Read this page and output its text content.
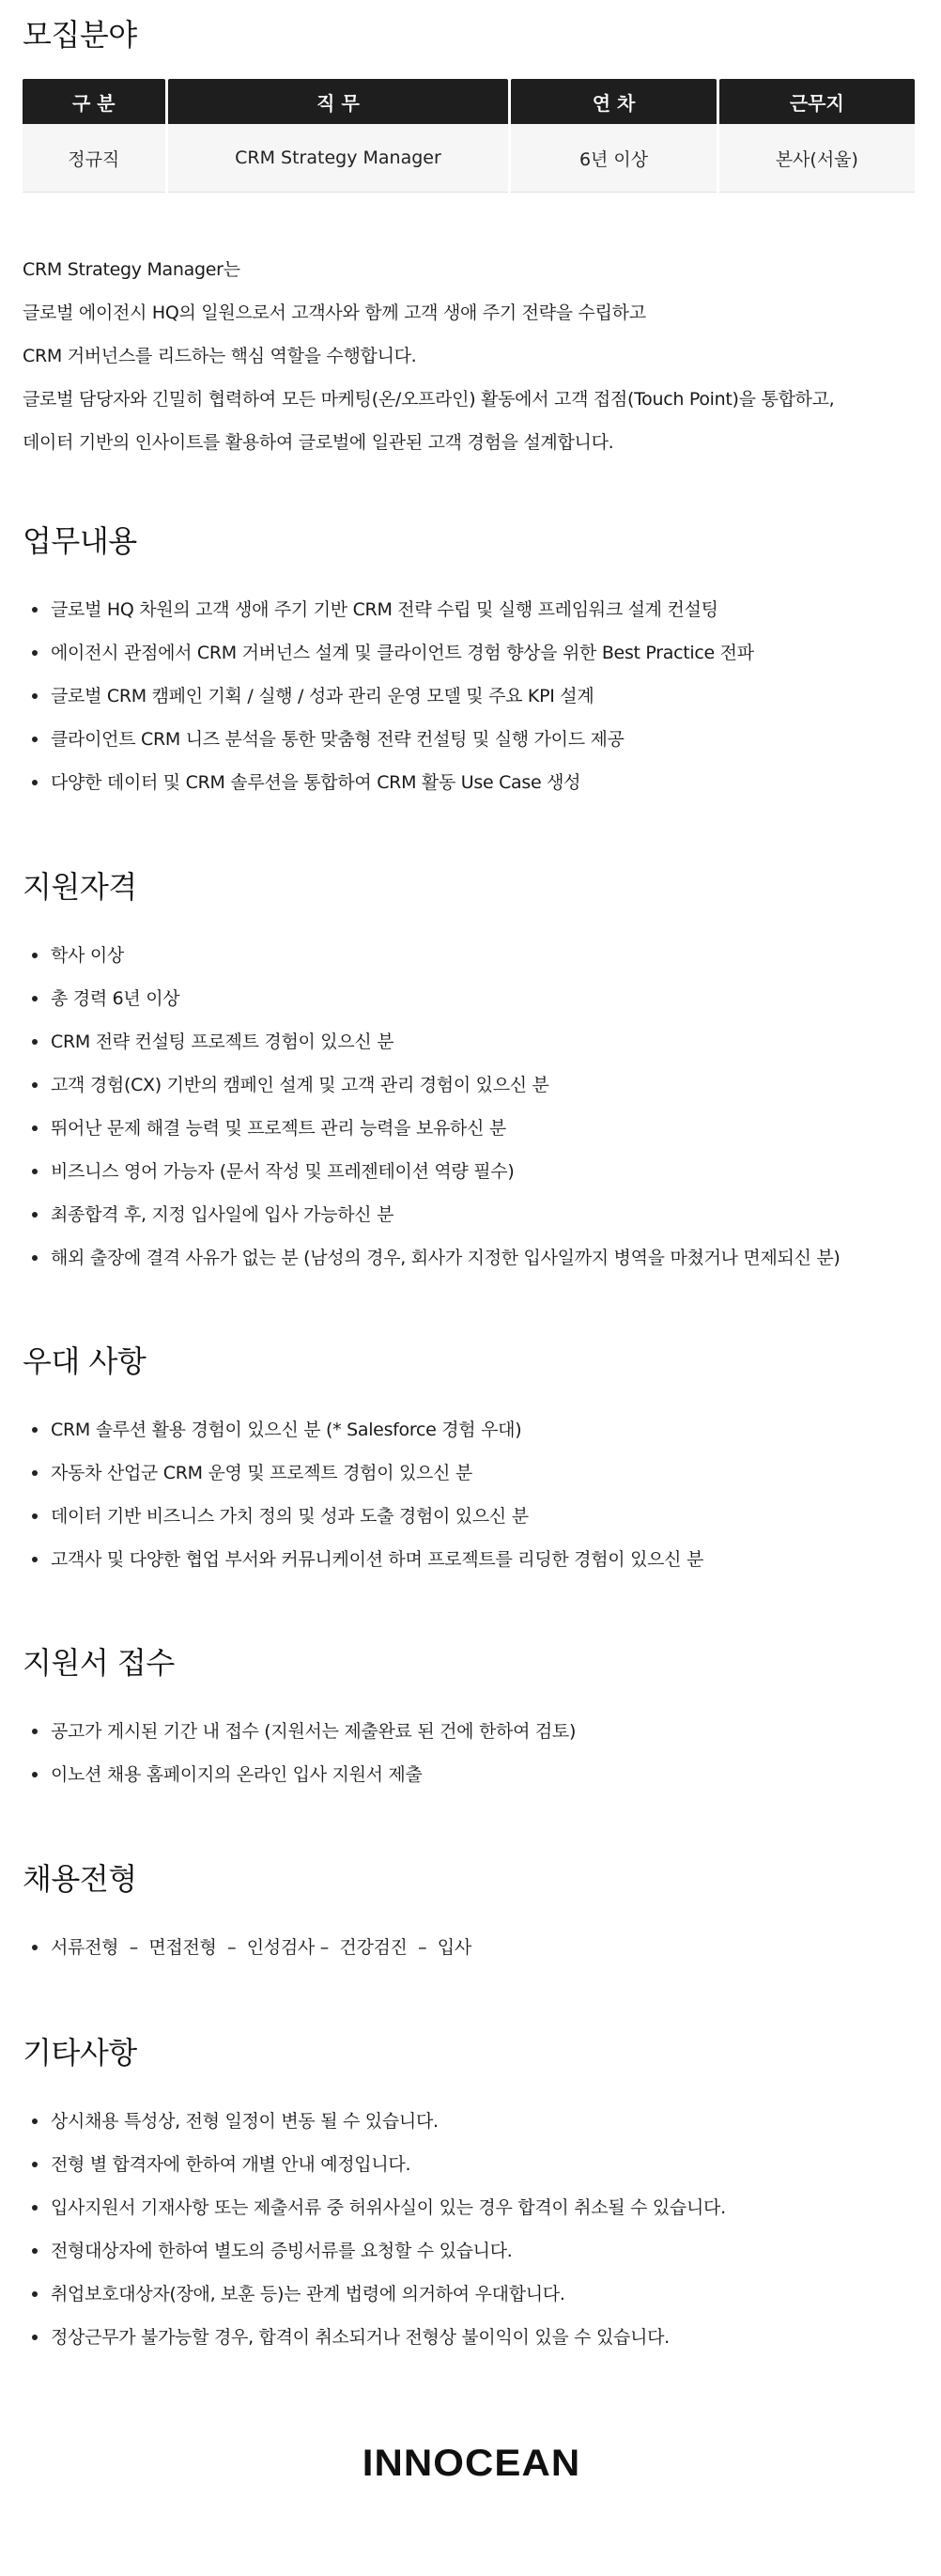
모집분야
구 분	직 무	연 차	근무지
정규직	CRM Strategy Manager	6년 이상	본사(서울)

CRM Strategy Manager는

글로벌 에이전시 HQ의 일원으로서 고객사와 함께 고객 생애 주기 전략을 수립하고

CRM 거버넌스를 리드하는 핵심 역할을 수행합니다.

글로벌 담당자와 긴밀히 협력하여 모든 마케팅(온/오프라인) 활동에서 고객 접점(Touch Point)을 통합하고,

데이터 기반의 인사이트를 활용하여 글로벌에 일관된 고객 경험을 설계합니다.

업무내용
글로벌 HQ 차원의 고객 생애 주기 기반 CRM 전략 수립 및 실행 프레임워크 설계 컨설팅
에이전시 관점에서 CRM 거버넌스 설계 및 클라이언트 경험 향상을 위한 Best Practice 전파
글로벌 CRM 캠페인 기획 / 실행 / 성과 관리 운영 모델 및 주요 KPI 설계
클라이언트 CRM 니즈 분석을 통한 맞춤형 전략 컨설팅 및 실행 가이드 제공
다양한 데이터 및 CRM 솔루션을 통합하여 CRM 활동 Use Case 생성
지원자격
학사 이상
총 경력 6년 이상
CRM 전략 컨설팅 프로젝트 경험이 있으신 분
고객 경험(CX) 기반의 캠페인 설계 및 고객 관리 경험이 있으신 분
뛰어난 문제 해결 능력 및 프로젝트 관리 능력을 보유하신 분
비즈니스 영어 가능자 (문서 작성 및 프레젠테이션 역량 필수)
최종합격 후, 지정 입사일에 입사 가능하신 분
해외 출장에 결격 사유가 없는 분 (남성의 경우, 회사가 지정한 입사일까지 병역을 마쳤거나 면제되신 분)
우대 사항
CRM 솔루션 활용 경험이 있으신 분 (* Salesforce 경험 우대)
자동차 산업군 CRM 운영 및 프로젝트 경험이 있으신 분
데이터 기반 비즈니스 가치 정의 및 성과 도출 경험이 있으신 분
고객사 및 다양한 협업 부서와 커뮤니케이션 하며 프로젝트를 리딩한 경험이 있으신 분
지원서 접수
공고가 게시된 기간 내 접수 (지원서는 제출완료 된 건에 한하여 검토)
이노션 채용 홈페이지의 온라인 입사 지원서 제출
채용전형
서류전형  –  면접전형  –  인성검사 –  건강검진  –  입사
기타사항
상시채용 특성상, 전형 일정이 변동 될 수 있습니다.
전형 별 합격자에 한하여 개별 안내 예정입니다.
입사지원서 기재사항 또는 제출서류 중 허위사실이 있는 경우 합격이 취소될 수 있습니다.
전형대상자에 한하여 별도의 증빙서류를 요청할 수 있습니다.
취업보호대상자(장애, 보훈 등)는 관계 법령에 의거하여 우대합니다.
정상근무가 불가능할 경우, 합격이 취소되거나 전형상 불이익이 있을 수 있습니다.
INNOCEAN
